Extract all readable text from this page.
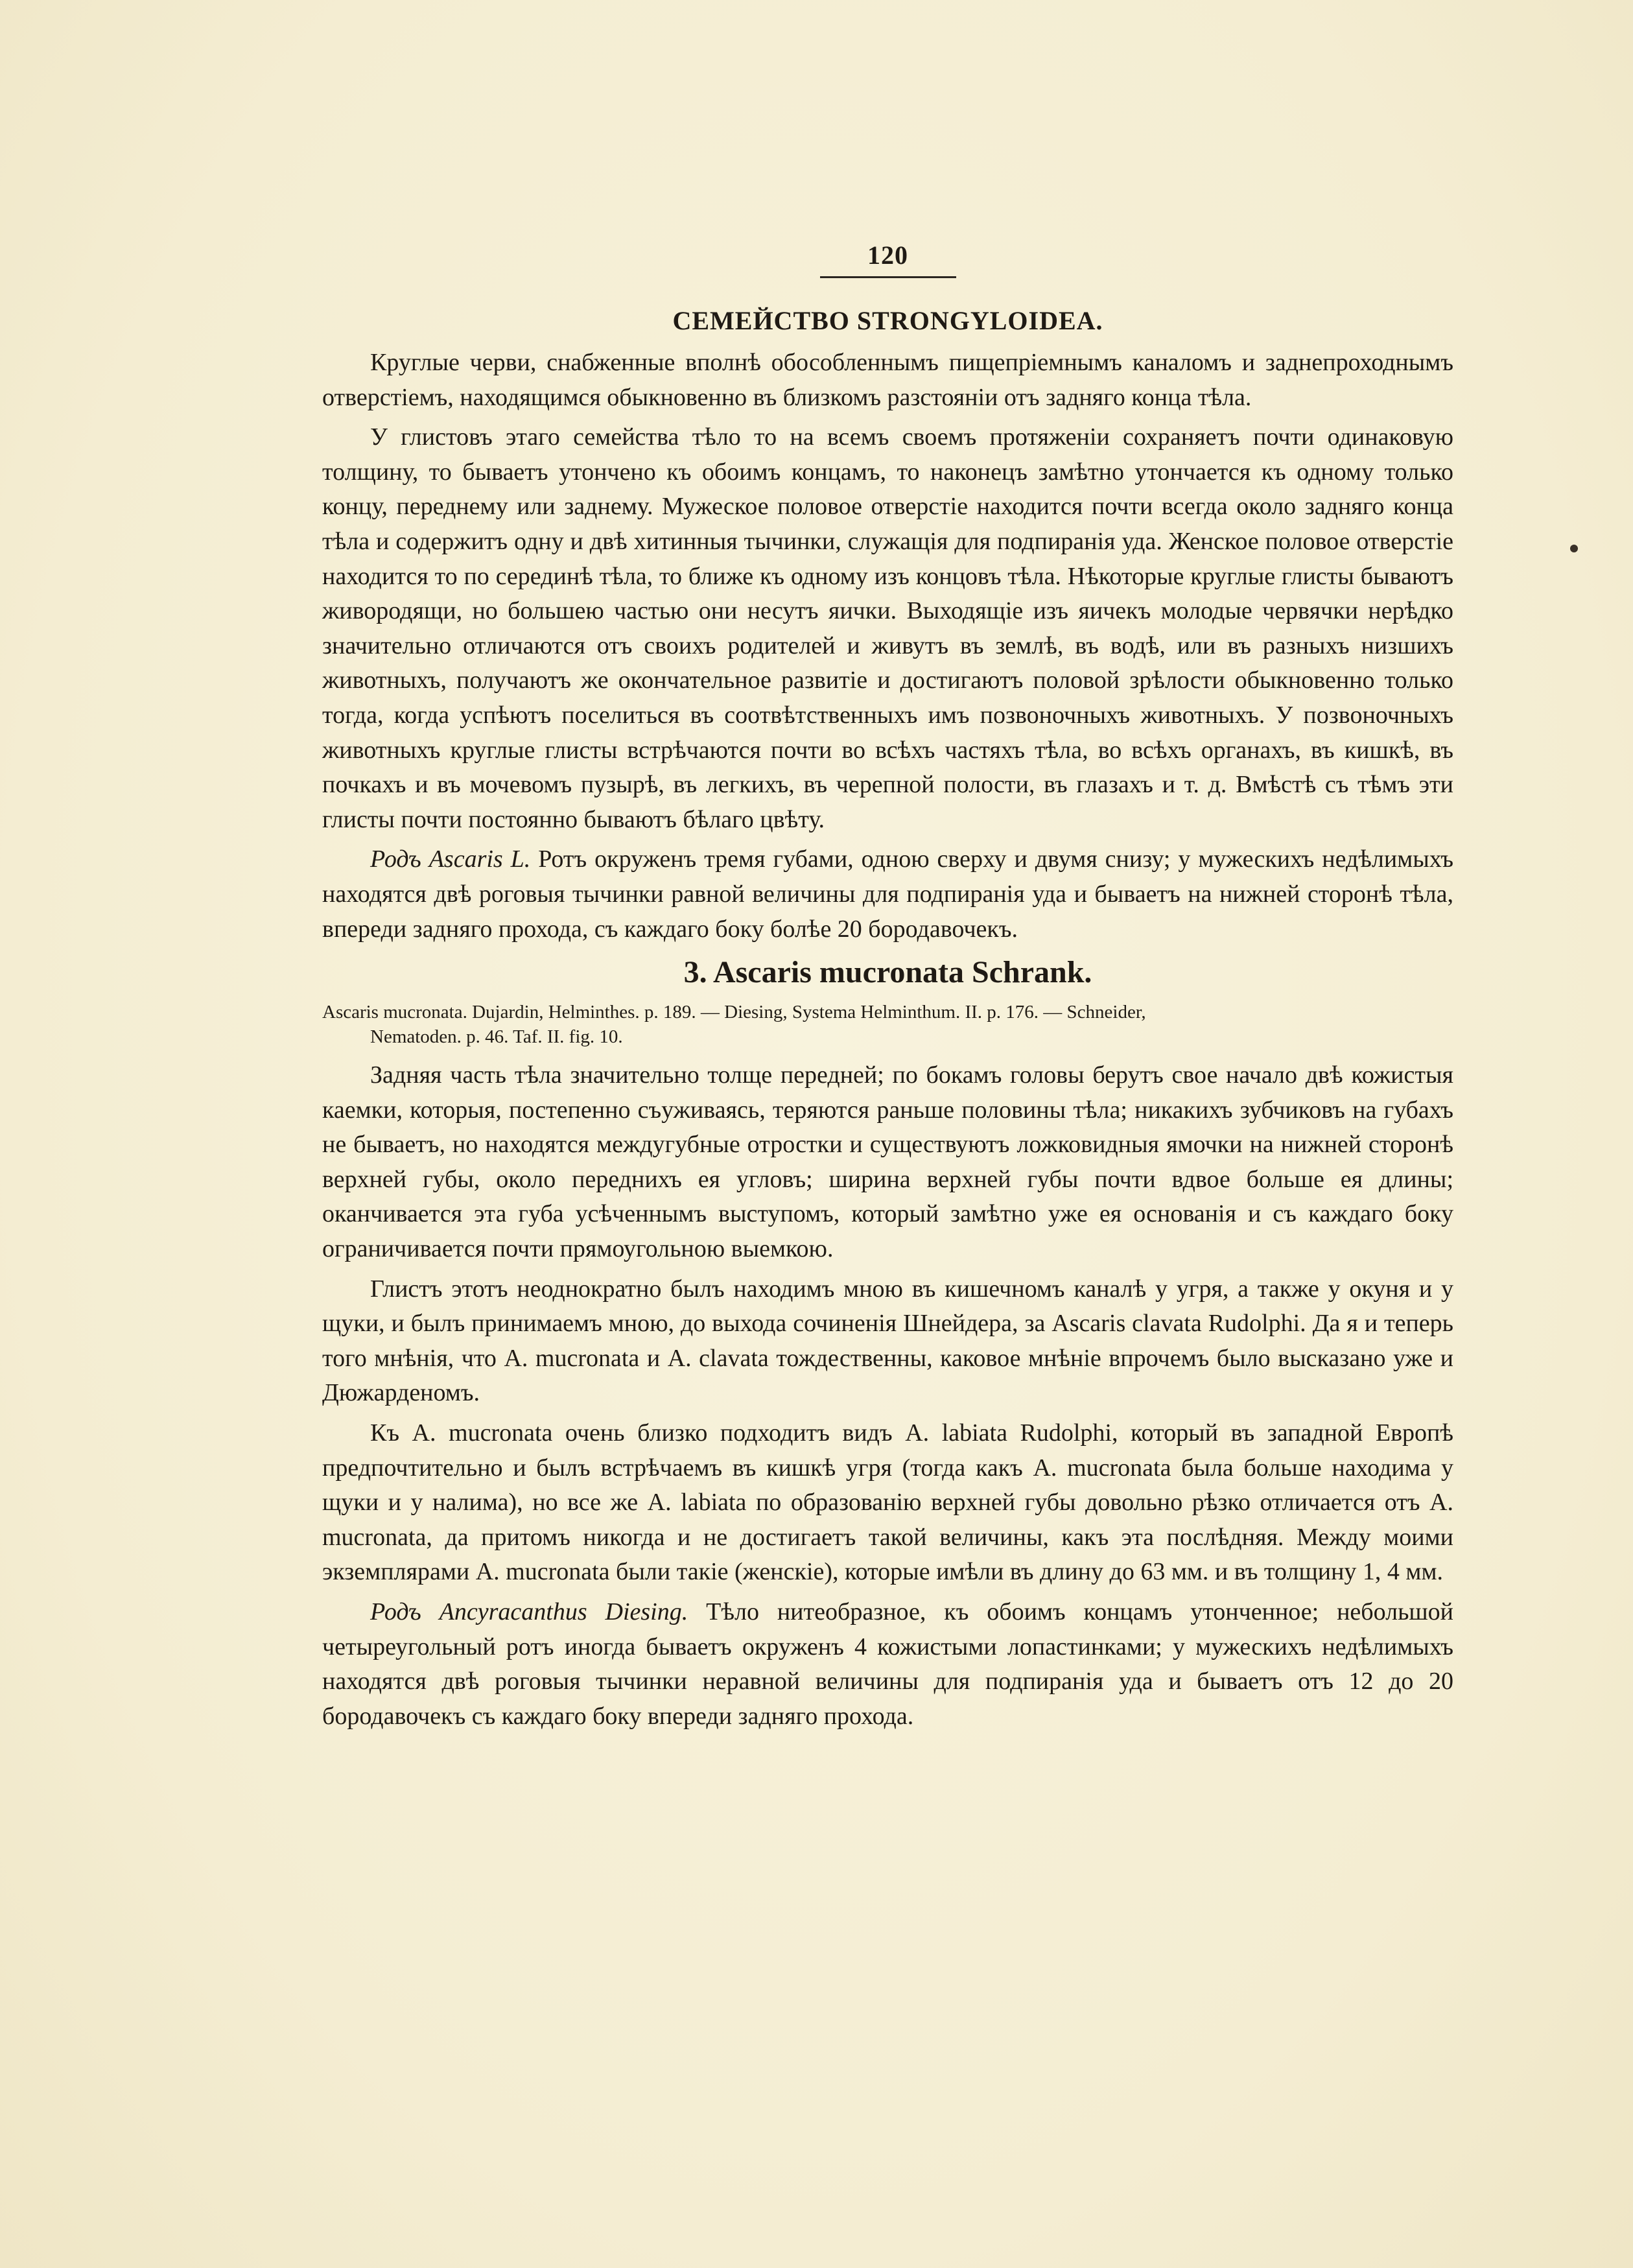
120
СЕМЕЙСТВО STRONGYLOIDEA.

Круглые черви, снабженные вполнѣ обособленнымъ пищепріемнымъ каналомъ и заднепроходнымъ отверстіемъ, находящимся обыкновенно въ близкомъ разстояніи отъ задняго конца тѣла.

У глистовъ этаго семейства тѣло то на всемъ своемъ протяженіи сохраняетъ почти одинаковую толщину, то бываетъ утончено къ обоимъ концамъ, то наконецъ замѣтно утончается къ одному только концу, переднему или заднему. Мужеское половое отверстіе находится почти всегда около задняго конца тѣла и содержитъ одну и двѣ хитинныя тычинки, служащія для подпиранія уда. Женское половое отверстіе находится то по серединѣ тѣла, то ближе къ одному изъ концовъ тѣла. Нѣкоторые круглые глисты бываютъ живородящи, но большею частью они несутъ яички. Выходящіе изъ яичекъ молодые червячки нерѣдко значительно отличаются отъ своихъ родителей и живутъ въ землѣ, въ водѣ, или въ разныхъ низшихъ животныхъ, получаютъ же окончательное развитіе и достигаютъ половой зрѣлости обыкновенно только тогда, когда успѣютъ поселиться въ соотвѣтственныхъ имъ позвоночныхъ животныхъ. У позвоночныхъ животныхъ круглые глисты встрѣчаются почти во всѣхъ частяхъ тѣла, во всѣхъ органахъ, въ кишкѣ, въ почкахъ и въ мочевомъ пузырѣ, въ легкихъ, въ черепной полости, въ глазахъ и т. д. Вмѣстѣ съ тѣмъ эти глисты почти постоянно бываютъ бѣлаго цвѣту.

Родъ Ascaris L. Ротъ окруженъ тремя губами, одною сверху и двумя снизу; у мужескихъ недѣлимыхъ находятся двѣ роговыя тычинки равной величины для подпиранія уда и бываетъ на нижней сторонѣ тѣла, впереди задняго прохода, съ каждаго боку болѣе 20 бородавочекъ.

3. Ascaris mucronata Schrank.
Ascaris mucronata. Dujardin, Helminthes. p. 189. — Diesing, Systema Helminthum. II. p. 176. — Schneider,
Nematoden. p. 46. Taf. II. fig. 10.

Задняя часть тѣла значительно толще передней; по бокамъ головы берутъ свое начало двѣ кожистыя каемки, которыя, постепенно съуживаясь, теряются раньше половины тѣла; никакихъ зубчиковъ на губахъ не бываетъ, но находятся междугубные отростки и существуютъ ложковидныя ямочки на нижней сторонѣ верхней губы, около переднихъ ея угловъ; ширина верхней губы почти вдвое больше ея длины; оканчивается эта губа усѣченнымъ выступомъ, который замѣтно уже ея основанія и съ каждаго боку ограничивается почти прямоугольною выемкою.

Глистъ этотъ неоднократно былъ находимъ мною въ кишечномъ каналѣ у угря, а также у окуня и у щуки, и былъ принимаемъ мною, до выхода сочиненія Шнейдера, за Ascaris clavata Rudolphi. Да я и теперь того мнѣнія, что A. mucronata и A. clavata тождественны, каковое мнѣніе впрочемъ было высказано уже и Дюжарденомъ.

Къ A. mucronata очень близко подходитъ видъ A. labiata Rudolphi, который въ западной Европѣ предпочтительно и былъ встрѣчаемъ въ кишкѣ угря (тогда какъ A. mucronata была больше находима у щуки и у налима), но все же A. labiata по образованію верхней губы довольно рѣзко отличается отъ A. mucronata, да притомъ никогда и не достигаетъ такой величины, какъ эта послѣдняя. Между моими экземплярами A. mucronata были такіе (женскіе), которые имѣли въ длину до 63 мм. и въ толщину 1, 4 мм.

Родъ Ancyracanthus Diesing. Тѣло нитеобразное, къ обоимъ концамъ утонченное; небольшой четыреугольный ротъ иногда бываетъ окруженъ 4 кожистыми лопастинками; у мужескихъ недѣлимыхъ находятся двѣ роговыя тычинки неравной величины для подпиранія уда и бываетъ отъ 12 до 20 бородавочекъ съ каждаго боку впереди задняго прохода.
